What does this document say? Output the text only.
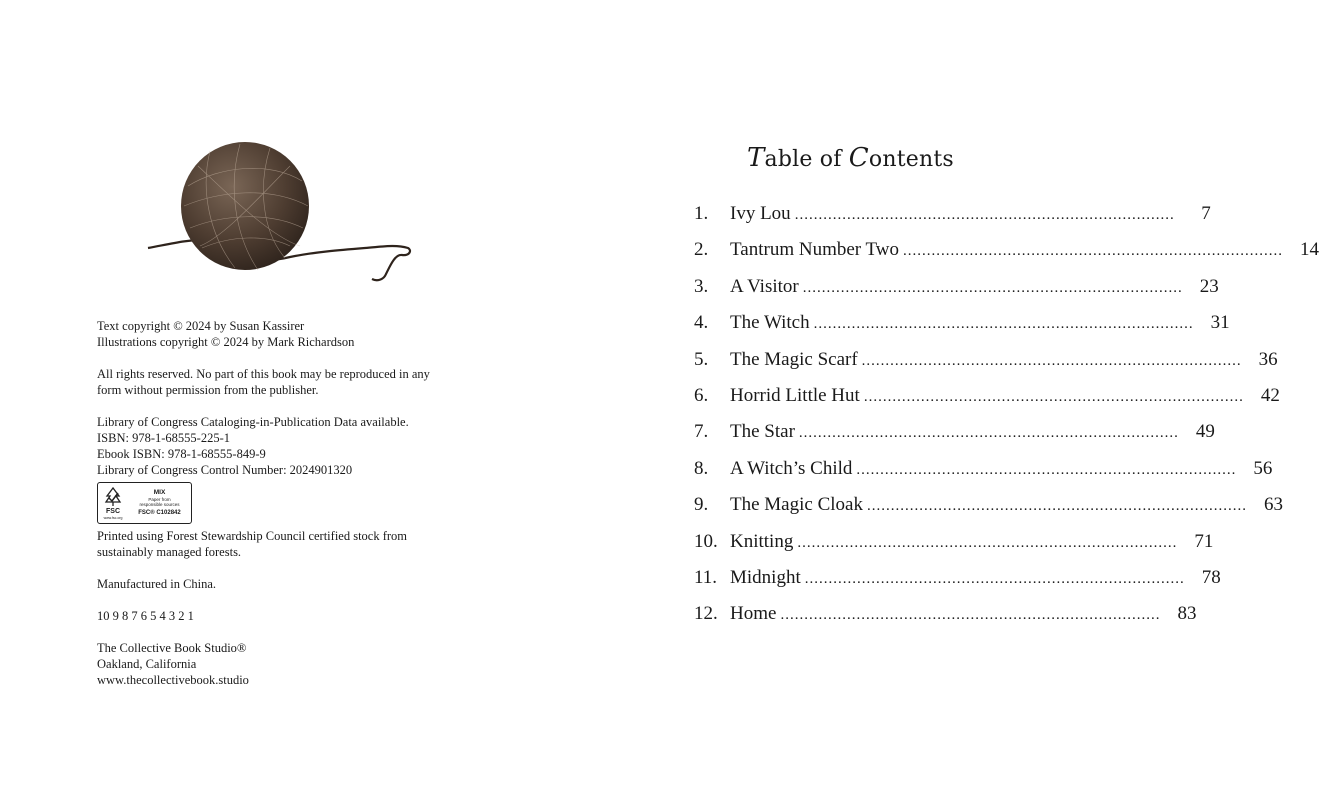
Text copyright © 2024 by Susan Kassirer

Illustrations copyright © 2024 by Mark Richardson

All rights reserved. No part of this book may be reproduced in any

form without permission from the publisher.

Library of Congress Cataloging-in-Publication Data available.

ISBN: 978-1-68555-225-1

Ebook ISBN: 978-1-68555-849-9

Library of Congress Control Number: 2024901320

FSC
www.fsc.org
MIX
Paper from
responsible sources
FSC® C102842

Printed using Forest Stewardship Council certified stock from

sustainably managed forests.

Manufactured in China.

10 9 8 7 6 5 4 3 2 1

The Collective Book Studio®

Oakland, California

www.thecollectivebook.studio

Table of Contents
1.	Ivy Lou ................................................................................	7
2.	Tantrum Number Two ................................................................................ 14
3.	A Visitor ................................................................................ 23
4.	The Witch ................................................................................ 31
5.	The Magic Scarf ................................................................................ 36
6.	Horrid Little Hut ................................................................................ 42
7.	The Star ................................................................................ 49
8.	A Witch’s Child ................................................................................ 56
9.	The Magic Cloak ................................................................................ 63
10. Knitting ................................................................................ 71
11. Midnight ................................................................................ 78
12. Home ................................................................................ 83
